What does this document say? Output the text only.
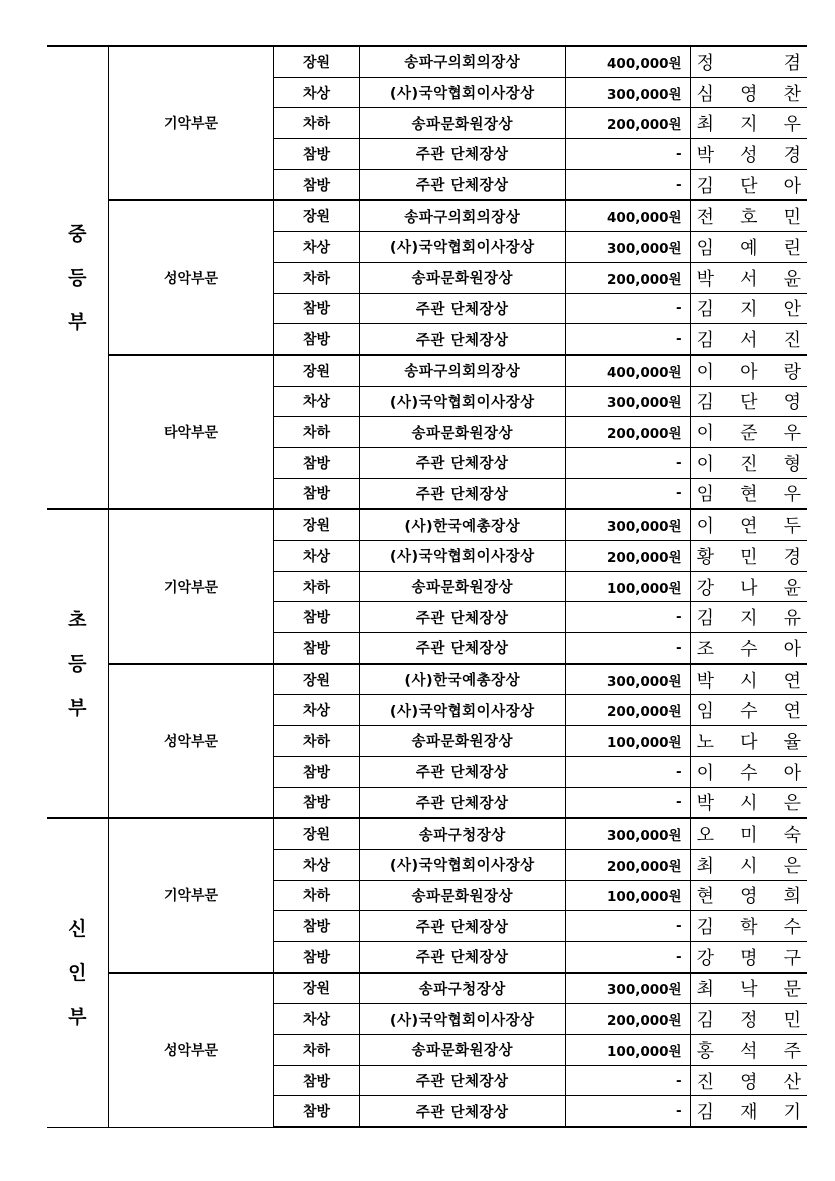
중
등
부	기악부문	장원	송파구의회의장상	400,000원	정 겸

		차상	(사)국악협회이사장상	300,000원	심 영 찬

		차하	송파문화원장상	200,000원	최 지 우

		참방	주관 단체장상	-	박 성 경

		참방	주관 단체장상	-	김 단 아

	성악부문	장원	송파구의회의장상	400,000원	전 호 민

		차상	(사)국악협회이사장상	300,000원	임 예 린

		차하	송파문화원장상	200,000원	박 서 윤

		참방	주관 단체장상	-	김 지 안

		참방	주관 단체장상	-	김 서 진

	타악부문	장원	송파구의회의장상	400,000원	이 아 랑

		차상	(사)국악협회이사장상	300,000원	김 단 영

		차하	송파문화원장상	200,000원	이 준 우

		참방	주관 단체장상	-	이 진 형

		참방	주관 단체장상	-	임 현 우

초
등
부	기악부문	장원	(사)한국예총장상	300,000원	이 연 두

		차상	(사)국악협회이사장상	200,000원	황 민 경

		차하	송파문화원장상	100,000원	강 나 윤

		참방	주관 단체장상	-	김 지 유

		참방	주관 단체장상	-	조 수 아

	성악부문	장원	(사)한국예총장상	300,000원	박 시 연

		차상	(사)국악협회이사장상	200,000원	임 수 연

		차하	송파문화원장상	100,000원	노 다 율

		참방	주관 단체장상	-	이 수 아

		참방	주관 단체장상	-	박 시 은

신
인
부	기악부문	장원	송파구청장상	300,000원	오 미 숙

		차상	(사)국악협회이사장상	200,000원	최 시 은

		차하	송파문화원장상	100,000원	현 영 희

		참방	주관 단체장상	-	김 학 수

		참방	주관 단체장상	-	강 명 구

	성악부문	장원	송파구청장상	300,000원	최 낙 문

		차상	(사)국악협회이사장상	200,000원	김 정 민

		차하	송파문화원장상	100,000원	홍 석 주

		참방	주관 단체장상	-	진 영 산

		참방	주관 단체장상	-	김 재 기
